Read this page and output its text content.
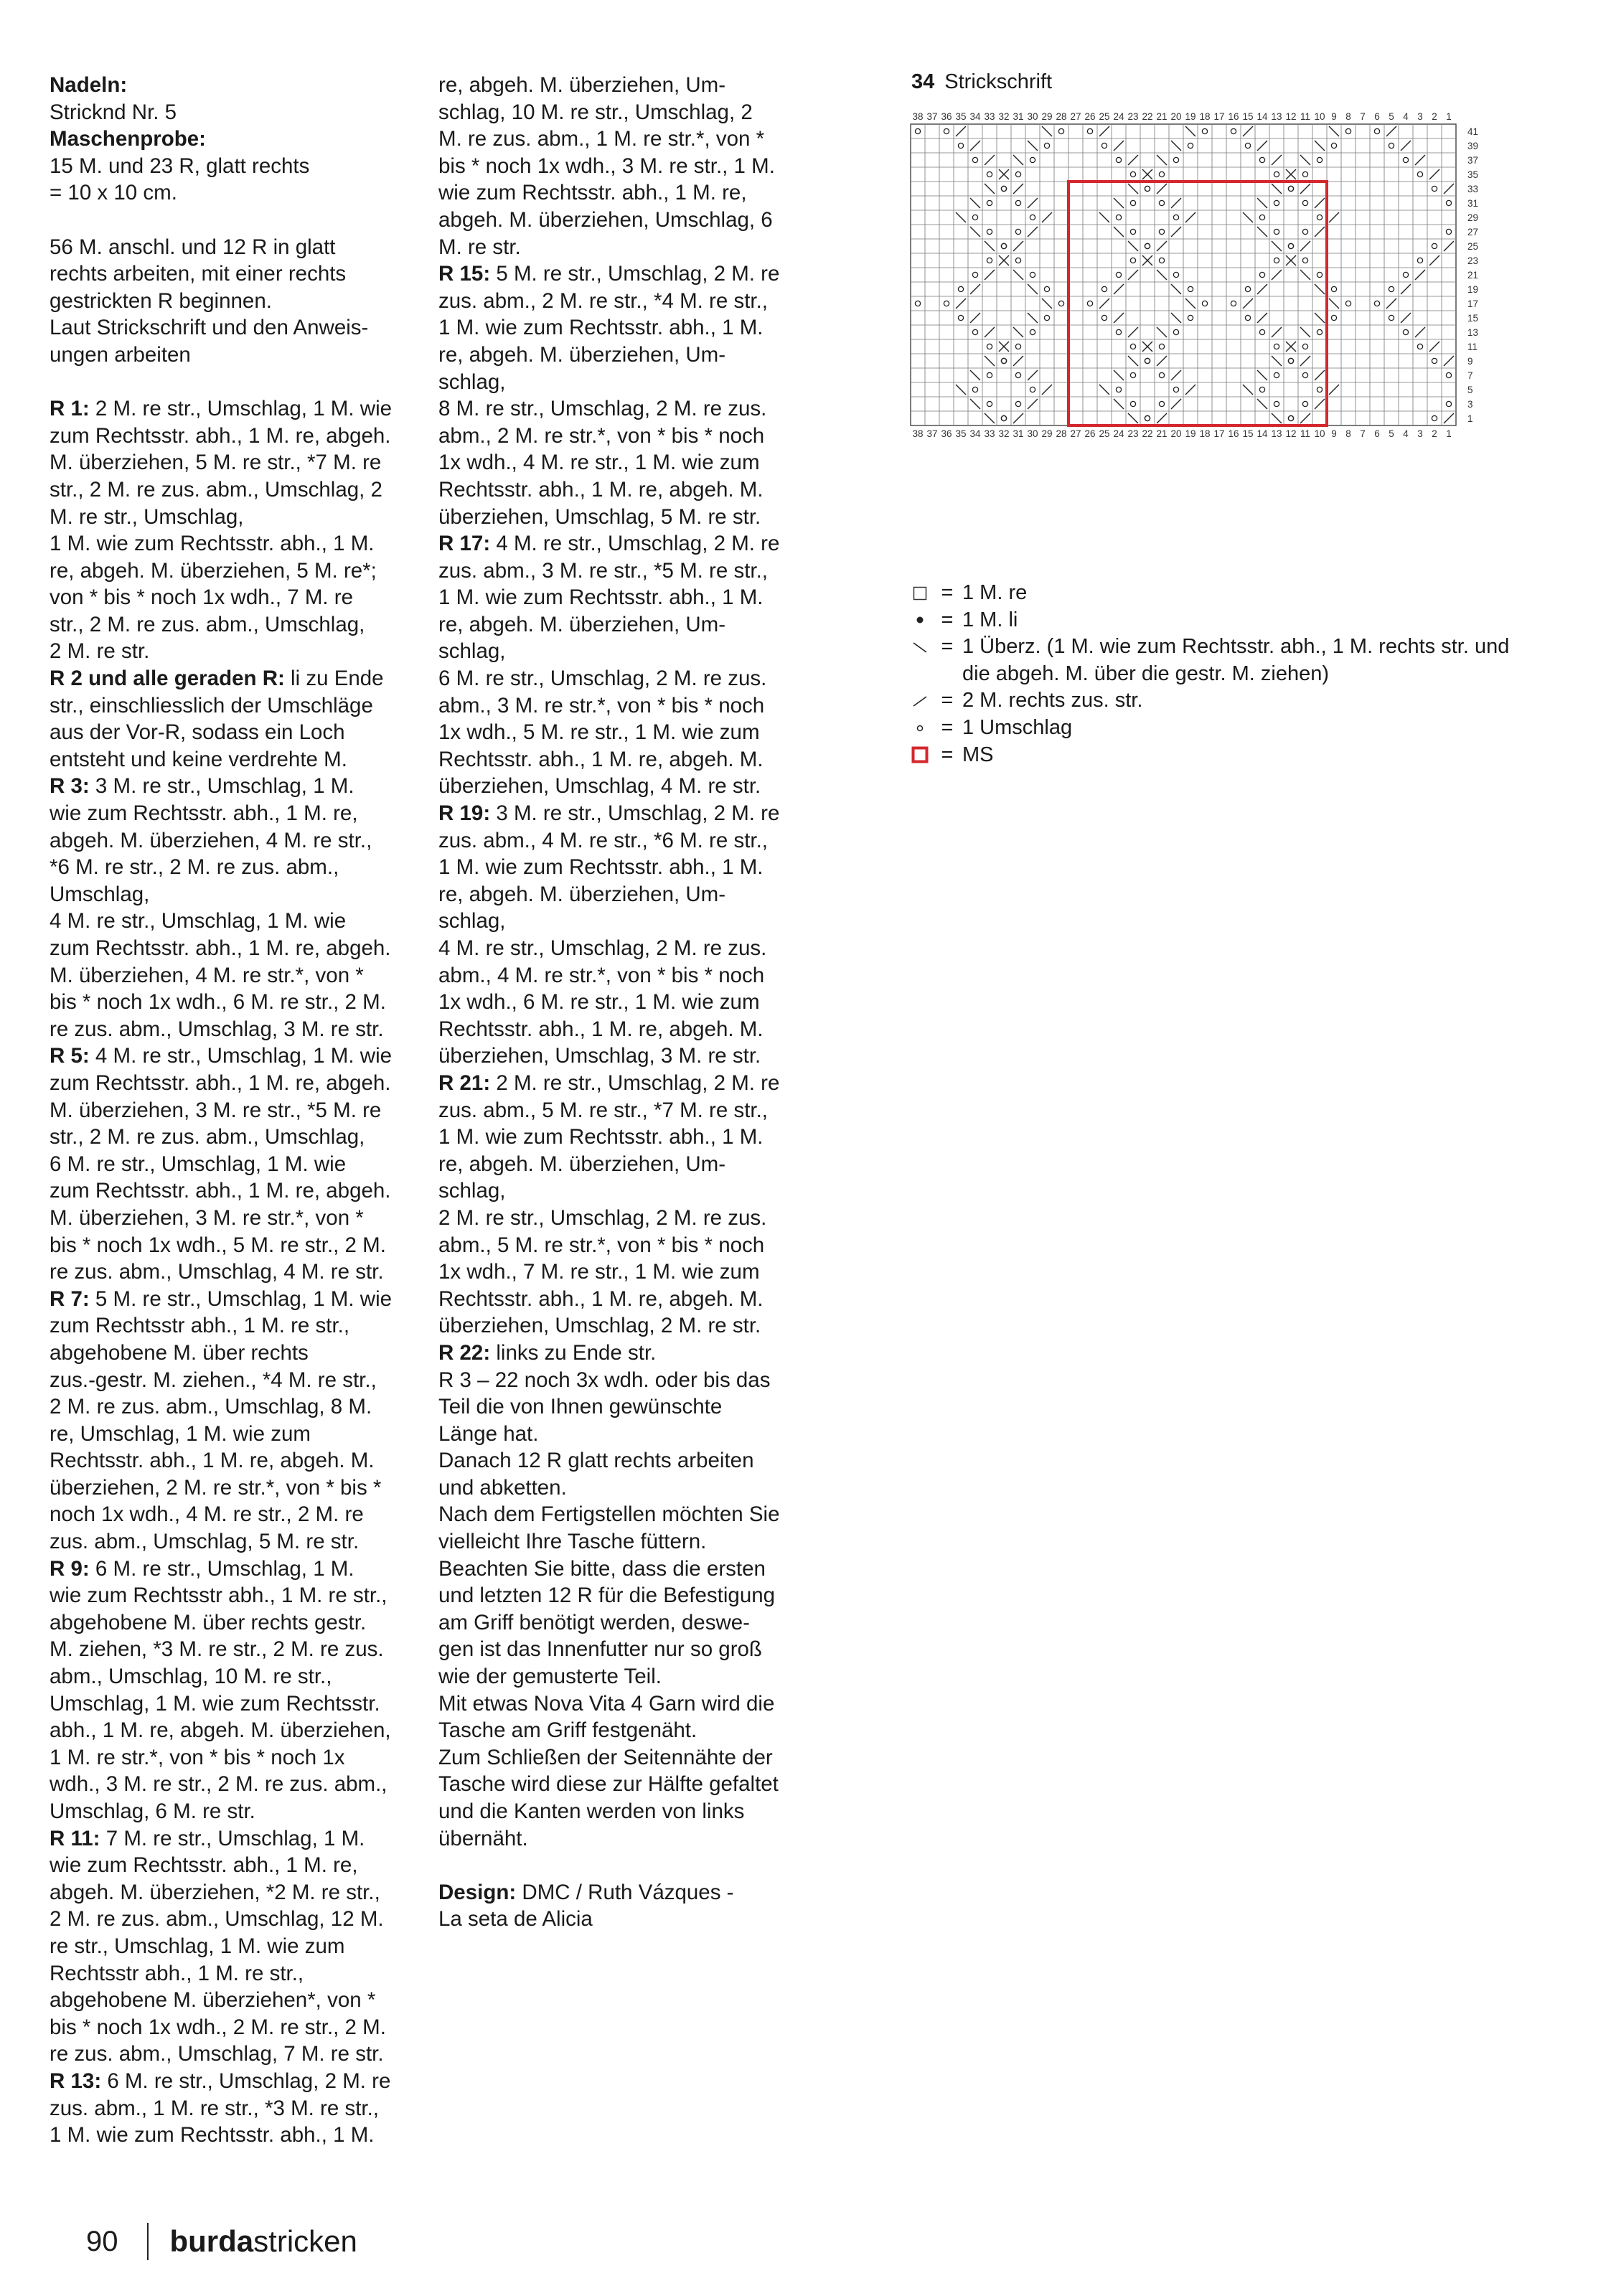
Nadeln:

Stricknd Nr. 5

Maschenprobe:

15 M. und 23 R, glatt rechts

= 10 x 10 cm.

56 M. anschl. und 12 R in glatt

rechts arbeiten, mit einer rechts

gestrickten R beginnen.

Laut Strickschrift und den Anweis-

ungen arbeiten

R 1: 2 M. re str., Umschlag, 1 M. wie

zum Rechtsstr. abh., 1 M. re, abgeh.

M. überziehen, 5 M. re str., *7 M. re

str., 2 M. re zus. abm., Umschlag, 2

M. re str., Umschlag,

1 M. wie zum Rechtsstr. abh., 1 M.

re, abgeh. M. überziehen, 5 M. re*;

von * bis * noch 1x wdh., 7 M. re

str., 2 M. re zus. abm., Umschlag,

2 M. re str.

R 2 und alle geraden R: li zu Ende

str., einschliesslich der Umschläge

aus der Vor-R, sodass ein Loch

entsteht und keine verdrehte M.

R 3: 3 M. re str., Umschlag, 1 M.

wie zum Rechtsstr. abh., 1 M. re,

abgeh. M. überziehen, 4 M. re str.,

*6 M. re str., 2 M. re zus. abm.,

Umschlag,

4 M. re str., Umschlag, 1 M. wie

zum Rechtsstr. abh., 1 M. re, abgeh.

M. überziehen, 4 M. re str.*, von *

bis * noch 1x wdh., 6 M. re str., 2 M.

re zus. abm., Umschlag, 3 M. re str.

R 5: 4 M. re str., Umschlag, 1 M. wie

zum Rechtsstr. abh., 1 M. re, abgeh.

M. überziehen, 3 M. re str., *5 M. re

str., 2 M. re zus. abm., Umschlag,

6 M. re str., Umschlag, 1 M. wie

zum Rechtsstr. abh., 1 M. re, abgeh.

M. überziehen, 3 M. re str.*, von *

bis * noch 1x wdh., 5 M. re str., 2 M.

re zus. abm., Umschlag, 4 M. re str.

R 7: 5 M. re str., Umschlag, 1 M. wie

zum Rechtsstr abh., 1 M. re str.,

abgehobene M. über rechts

zus.-gestr. M. ziehen., *4 M. re str.,

2 M. re zus. abm., Umschlag, 8 M.

re, Umschlag, 1 M. wie zum

Rechtsstr. abh., 1 M. re, abgeh. M.

überziehen, 2 M. re str.*, von * bis *

noch 1x wdh., 4 M. re str., 2 M. re

zus. abm., Umschlag, 5 M. re str.

R 9: 6 M. re str., Umschlag, 1 M.

wie zum Rechtsstr abh., 1 M. re str.,

abgehobene M. über rechts gestr.

M. ziehen, *3 M. re str., 2 M. re zus.

abm., Umschlag, 10 M. re str.,

Umschlag, 1 M. wie zum Rechtsstr.

abh., 1 M. re, abgeh. M. überziehen,

1 M. re str.*, von * bis * noch 1x

wdh., 3 M. re str., 2 M. re zus. abm.,

Umschlag, 6 M. re str.

R 11: 7 M. re str., Umschlag, 1 M.

wie zum Rechtsstr. abh., 1 M. re,

abgeh. M. überziehen, *2 M. re str.,

2 M. re zus. abm., Umschlag, 12 M.

re str., Umschlag, 1 M. wie zum

Rechtsstr abh., 1 M. re str.,

abgehobene M. überziehen*, von *

bis * noch 1x wdh., 2 M. re str., 2 M.

re zus. abm., Umschlag, 7 M. re str.

R 13: 6 M. re str., Umschlag, 2 M. re

zus. abm., 1 M. re str., *3 M. re str.,

1 M. wie zum Rechtsstr. abh., 1 M.

re, abgeh. M. überziehen, Um-

schlag, 10 M. re str., Umschlag, 2

M. re zus. abm., 1 M. re str.*, von *

bis * noch 1x wdh., 3 M. re str., 1 M.

wie zum Rechtsstr. abh., 1 M. re,

abgeh. M. überziehen, Umschlag, 6

M. re str.

R 15: 5 M. re str., Umschlag, 2 M. re

zus. abm., 2 M. re str., *4 M. re str.,

1 M. wie zum Rechtsstr. abh., 1 M.

re, abgeh. M. überziehen, Um-

schlag,

8 M. re str., Umschlag, 2 M. re zus.

abm., 2 M. re str.*, von * bis * noch

1x wdh., 4 M. re str., 1 M. wie zum

Rechtsstr. abh., 1 M. re, abgeh. M.

überziehen, Umschlag, 5 M. re str.

R 17: 4 M. re str., Umschlag, 2 M. re

zus. abm., 3 M. re str., *5 M. re str.,

1 M. wie zum Rechtsstr. abh., 1 M.

re, abgeh. M. überziehen, Um-

schlag,

6 M. re str., Umschlag, 2 M. re zus.

abm., 3 M. re str.*, von * bis * noch

1x wdh., 5 M. re str., 1 M. wie zum

Rechtsstr. abh., 1 M. re, abgeh. M.

überziehen, Umschlag, 4 M. re str.

R 19: 3 M. re str., Umschlag, 2 M. re

zus. abm., 4 M. re str., *6 M. re str.,

1 M. wie zum Rechtsstr. abh., 1 M.

re, abgeh. M. überziehen, Um-

schlag,

4 M. re str., Umschlag, 2 M. re zus.

abm., 4 M. re str.*, von * bis * noch

1x wdh., 6 M. re str., 1 M. wie zum

Rechtsstr. abh., 1 M. re, abgeh. M.

überziehen, Umschlag, 3 M. re str.

R 21: 2 M. re str., Umschlag, 2 M. re

zus. abm., 5 M. re str., *7 M. re str.,

1 M. wie zum Rechtsstr. abh., 1 M.

re, abgeh. M. überziehen, Um-

schlag,

2 M. re str., Umschlag, 2 M. re zus.

abm., 5 M. re str.*, von * bis * noch

1x wdh., 7 M. re str., 1 M. wie zum

Rechtsstr. abh., 1 M. re, abgeh. M.

überziehen, Umschlag, 2 M. re str.

R 22: links zu Ende str.

R 3 – 22 noch 3x wdh. oder bis das

Teil die von Ihnen gewünschte

Länge hat.

Danach 12 R glatt rechts arbeiten

und abketten.

Nach dem Fertigstellen möchten Sie

vielleicht Ihre Tasche füttern.

Beachten Sie bitte, dass die ersten

und letzten 12 R für die Befestigung

am Griff benötigt werden, deswe-

gen ist das Innenfutter nur so groß

wie der gemusterte Teil.

Mit etwas Nova Vita 4 Garn wird die

Tasche am Griff festgenäht.

Zum Schließen der Seitennähte der

Tasche wird diese zur Hälfte gefaltet

und die Kanten werden von links

übernäht.

Design: DMC / Ruth Vázques -

La seta de Alicia

34 Strickschrift
38
38
37
37
36
36
35
35
34
34
33
33
32
32
31
31
30
30
29
29
28
28
27
27
26
26
25
25
24
24
23
23
22
22
21
21
20
20
19
19
18
18
17
17
16
16
15
15
14
14
13
13
12
12
11
11
10
10
9
9
8
8
7
7
6
6
5
5
4
4
3
3
2
2
1
1
41
39
37
35
33
31
29
27
25
23
21
19
17
15
13
11
9
7
5
3
1
= 1 M. re
= 1 M. li
= 1 Überz. (1 M. wie zum Rechtsstr. abh., 1 M. rechts str. und
die abgeh. M. über die gestr. M. ziehen)
= 2 M. rechts zus. str.
= 1 Umschlag
= MS
90 burdastricken
